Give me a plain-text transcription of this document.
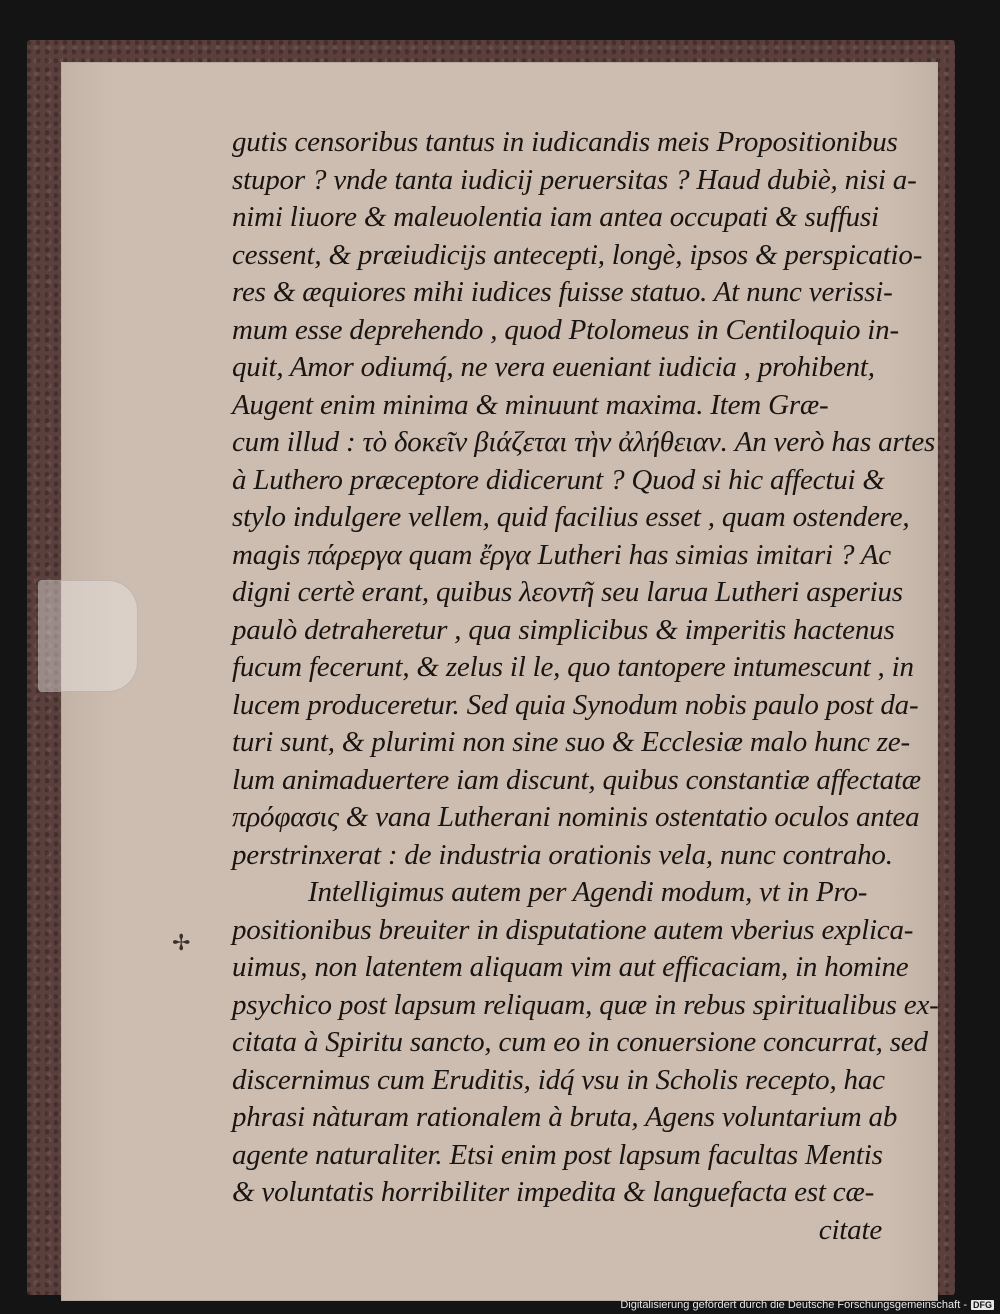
gutis censoribus tantus in iudicandis meis Propositionibus
stupor ? vnde tanta iudicij peruersitas ? Haud dubiè, nisi a-
nimi liuore & maleuolentia iam antea occupati & suffusi
cessent, & præiudicijs antecepti, longè, ipsos & perspicatio-
res & æquiores mihi iudices fuisse statuo. At nunc verissi-
mum esse deprehendo , quod Ptolomeus in Centiloquio in-
quit, Amor odiumq́, ne vera eueniant iudicia , prohibent,
Augent enim minima & minuunt maxima. Item Græ-
cum illud : τὸ δοκεῖν βιάζεται τὴν ἀλήθειαν. An verò has artes
à Luthero præceptore didicerunt ? Quod si hic affectui &
stylo indulgere vellem, quid facilius esset , quam ostendere,
magis πάρεργα quam ἔργα Lutheri has simias imitari ? Ac
digni certè erant, quibus λεοντῆ seu larua Lutheri asperius
paulò detraheretur , qua simplicibus & imperitis hactenus
fucum fecerunt, & zelus il le, quo tantopere intumescunt , in
lucem produceretur. Sed quia Synodum nobis paulo post da-
turi sunt, & plurimi non sine suo & Ecclesiæ malo hunc ze-
lum animaduertere iam discunt, quibus constantiæ affectatæ
πρόφασις & vana Lutherani nominis ostentatio oculos antea
perstrinxerat : de industria orationis vela, nunc contraho.
Intelligimus autem per Agendi modum, vt in Pro-
positionibus breuiter in disputatione autem vberius explica-
uimus, non latentem aliquam vim aut efficaciam, in homine
psychico post lapsum reliquam, quæ in rebus spiritualibus ex-
citata à Spiritu sancto, cum eo in conuersione concurrat, sed
discernimus cum Eruditis, idq́ vsu in Scholis recepto, hac
phrasi nàturam rationalem à bruta, Agens voluntarium ab
agente naturaliter. Etsi enim post lapsum facultas Mentis
& voluntatis horribiliter impedita & languefacta est cæ-
citate
✢
Digitalisierung gefördert durch die Deutsche Forschungsgemeinschaft - DFG
